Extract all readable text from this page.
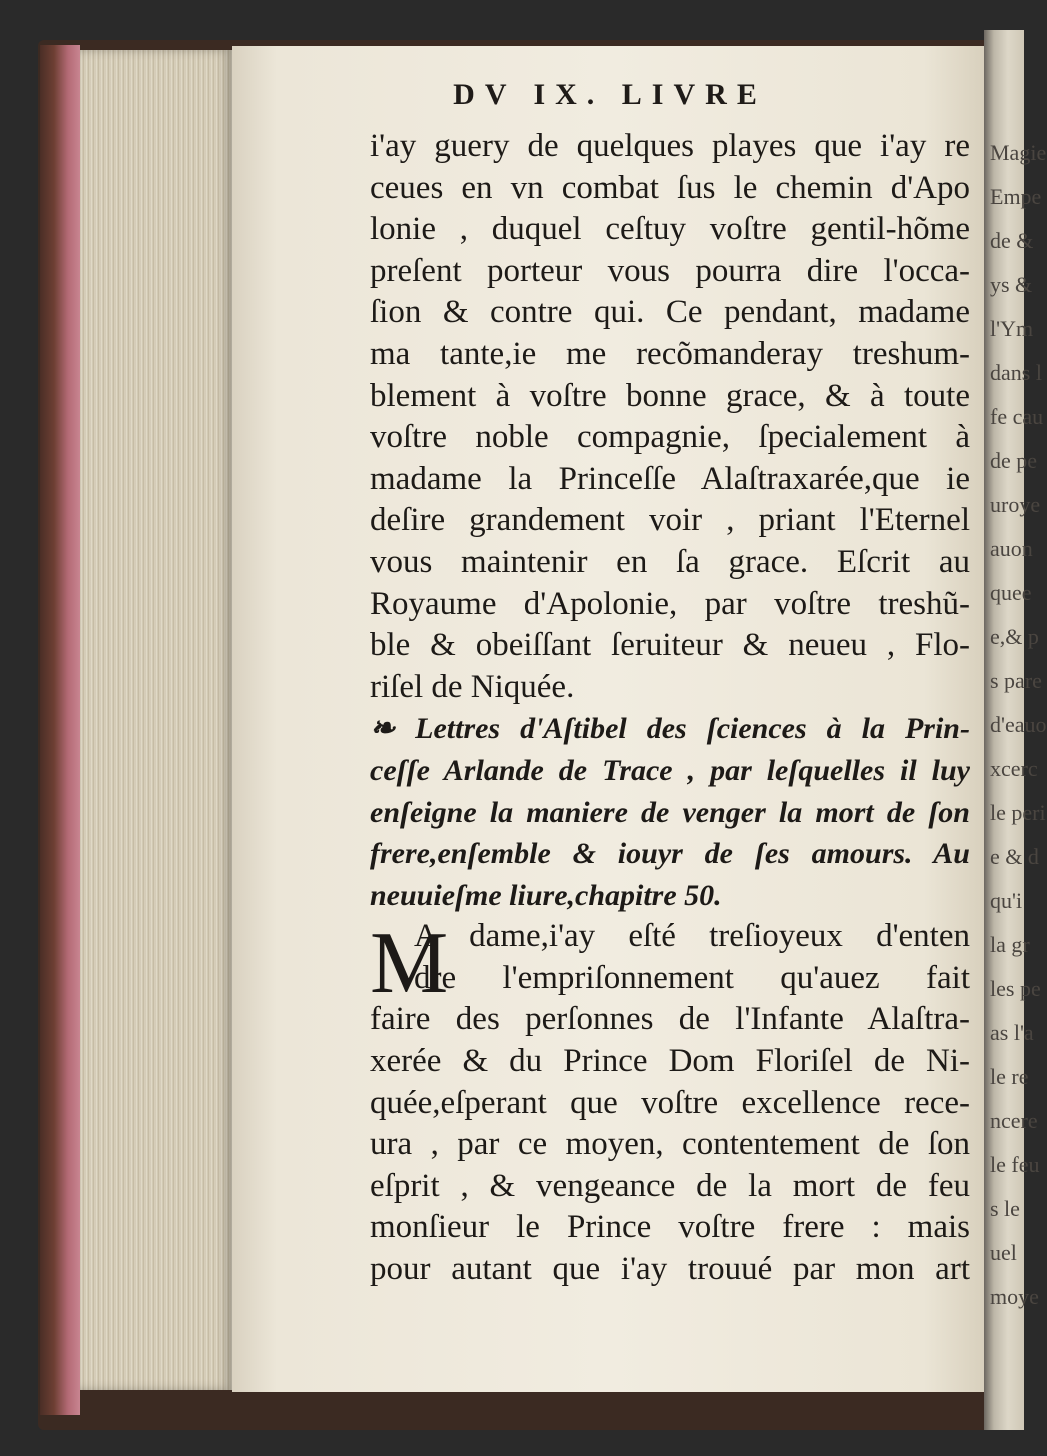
Magie
Empe
de &
ys &
l'Ym
dans l
fe cau
de pe
uroye
auon
quee
e,& p
s pare
d'eauo
xcerc
le peri
e & d
qu'i
la gr
les pe
as l'a
le re
ncere
le feu
s le
uel
moye
DV IX. LIVRE
i'ay guery de quelques playes que i'ay re
ceues en vn combat ſus le chemin d'Apo
lonie , duquel ceſtuy voſtre gentil-hõme
preſent porteur vous pourra dire l'occa-
ſion & contre qui. Ce pendant, madame
ma tante,ie me recõmanderay treshum-
blement à voſtre bonne grace, & à toute
voſtre noble compagnie, ſpecialement à
madame la Princeſſe Alaſtraxarée,que ie
deſire grandement voir , priant l'Eternel
vous maintenir en ſa grace. Eſcrit au
Royaume d'Apolonie, par voſtre treshũ-
ble & obeiſſant ſeruiteur & neueu , Flo-
riſel de Niquée.
❧ Lettres d'Aſtibel des ſciences à la Prin-
ceſſe Arlande de Trace , par leſquelles il luy
enſeigne la maniere de venger la mort de ſon
frere,enſemble & iouyr de ſes amours. Au
neuuieſme liure,chapitre 50.
M
A dame,i'ay eſté treſioyeux d'enten
dre l'empriſonnement qu'auez fait
faire des perſonnes de l'Infante Alaſtra-
xerée & du Prince Dom Floriſel de Ni-
quée,eſperant que voſtre excellence rece-
ura , par ce moyen, contentement de ſon
eſprit , & vengeance de la mort de feu
monſieur le Prince voſtre frere : mais
pour autant que i'ay trouué par mon art
